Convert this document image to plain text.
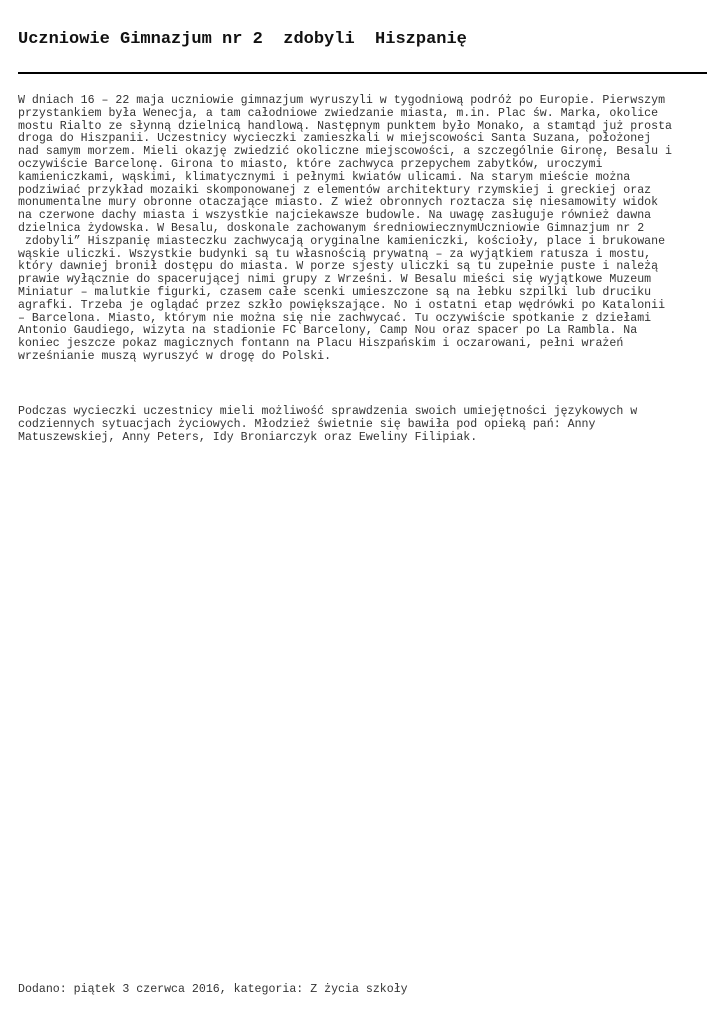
Uczniowie Gimnazjum nr 2  zdobyli  Hiszpanię

W dniach 16 – 22 maja uczniowie gimnazjum wyruszyli w tygodniową podróż po Europie. Pierwszym
przystankiem była Wenecja, a tam całodniowe zwiedzanie miasta, m.in. Plac św. Marka, okolice
mostu Rialto ze słynną dzielnicą handlową. Następnym punktem było Monako, a stamtąd już prosta
droga do Hiszpanii. Uczestnicy wycieczki zamieszkali w miejscowości Santa Suzana, położonej
nad samym morzem. Mieli okazję zwiedzić okoliczne miejscowości, a szczególnie Gironę, Besalu i
oczywiście Barcelonę. Girona to miasto, które zachwyca przepychem zabytków, uroczymi
kamieniczkami, wąskimi, klimatycznymi i pełnymi kwiatów ulicami. Na starym mieście można
podziwiać przykład mozaiki skomponowanej z elementów architektury rzymskiej i greckiej oraz
monumentalne mury obronne otaczające miasto. Z wież obronnych roztacza się niesamowity widok
na czerwone dachy miasta i wszystkie najciekawsze budowle. Na uwagę zasługuje również dawna
dzielnica żydowska. W Besalu, doskonale zachowanym średniowiecznymUczniowie Gimnazjum nr 2
zdobyli” Hiszpanię miasteczku zachwycają oryginalne kamieniczki, kościoły, place i brukowane
wąskie uliczki. Wszystkie budynki są tu własnością prywatną – za wyjątkiem ratusza i mostu,
który dawniej bronił dostępu do miasta. W porze sjesty uliczki są tu zupełnie puste i należą
prawie wyłącznie do spacerującej nimi grupy z Wrześni. W Besalu mieści się wyjątkowe Muzeum
Miniatur – malutkie figurki, czasem całe scenki umieszczone są na łebku szpilki lub druciku
agrafki. Trzeba je oglądać przez szkło powiększające. No i ostatni etap wędrówki po Katalonii
– Barcelona. Miasto, którym nie można się nie zachwycać. Tu oczywiście spotkanie z dziełami
Antonio Gaudiego, wizyta na stadionie FC Barcelony, Camp Nou oraz spacer po La Rambla. Na
koniec jeszcze pokaz magicznych fontann na Placu Hiszpańskim i oczarowani, pełni wrażeń
wrześnianie muszą wyruszyć w drogę do Polski.

Podczas wycieczki uczestnicy mieli możliwość sprawdzenia swoich umiejętności językowych w
codziennych sytuacjach życiowych. Młodzież świetnie się bawiła pod opieką pań: Anny
Matuszewskiej, Anny Peters, Idy Broniarczyk oraz Eweliny Filipiak.

Dodano: piątek 3 czerwca 2016, kategoria: Z życia szkoły
